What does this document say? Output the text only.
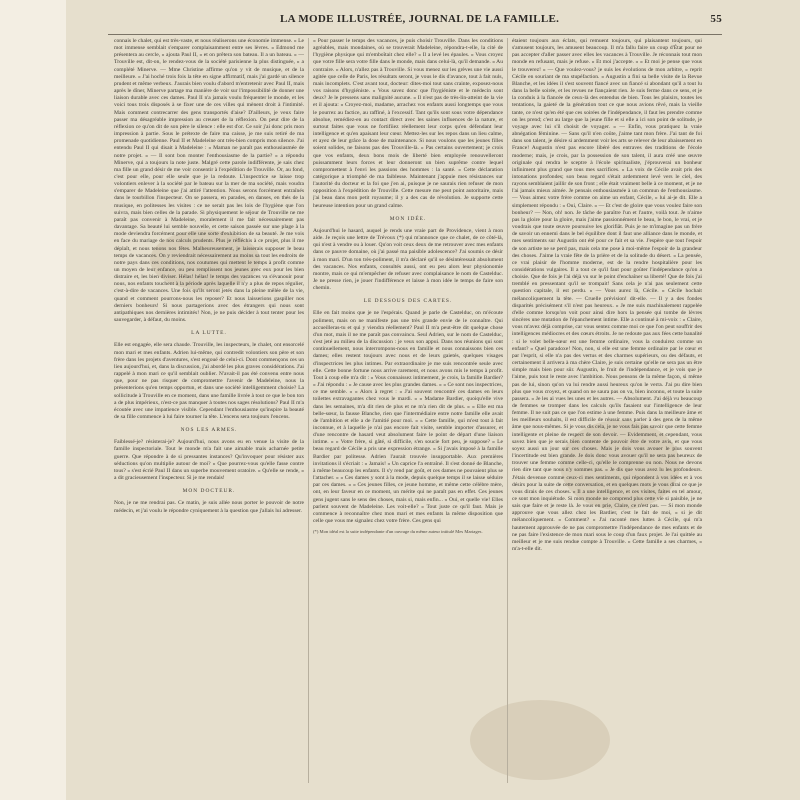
LA MODE ILLUSTRÉE, JOURNAL DE LA FAMILLE.	55

connais le chalet, qui est très-vaste, et nous réaliserons une économie immense. » Le mot immense semblait s'emparer complaisamment entre ses lèvres. « Edmond me présentera au cercle, » ajouta Paul II, « et on prêtera son bateau. Il a un bateau. » — Trouville est, dit-on, le rendez-vous de la société parisienne la plus distinguée, » a complété Minerve. — Mme Christine affirme qu'on y vit de musique, et de la meilleure. » J'ai hoché trois fois la tête en signe affirmatif, mais j'ai gardé un silence prudent et même verbeux. J'aurais bien voulu d'abord m'entretenir avec Paul II, mais après le dîner, Minerve partage ma manière de voir sur l'impossibilité de donner une liaison durable avec ces dames. Paul II n'a jamais voulu fréquenter le monde, et les voici tous trois disposés à se fixer une de ces villes qui mènent droit à l'intimité. Mais comment contrecarrer des gens transportés d'aise? D'ailleurs, je veux faire passer ma désagréable impression au creuset de la réflexion. On peut dire de la réflexion ce qu'on dit de son père le silence : elle est d'or. Ce soir j'ai donc pris mon impression à partie. Sous le prétexte de faire ma caisse, je me suis retiré de ma promenade quotidienne. Paul II et Madeleine ont très-bien compris mon silence. J'ai entendu Paul II qui disait à Madeleine : « Maman ne paraît pas enthousiasmée de notre projet. » — Il sont bon monter l'enthousiasme de la partie? » a répondu Minerve, qui a toujours la note juste. Malgré cette parole indifférente, je sais chez ma fille un grand désir de me voir consentir à l'expédition de Trouville. Or, au fond, c'est pour elle, pour elle seule que je la redoute. L'inspectrice se laisse trop volontiers enlever à la société par le bateau sur la mer de ma société, mais voudra s'emparer de Madeleine que j'ai attiré l'attention. Nous serons forcément entraînés dans le tourbillon l'inspecteur. On se passera, en parades, en danses, en thés de la musique, en politesses les visites : ce ne serait pas les lois de l'hygiène que l'on suivra, mais bien celles de la parade. Si physiquement le séjour de Trouville ne me paraît pas convenir à Madeleine, moralement il me fait nécessairement pas davantage. Sa beauté lui semble nouvelle, et cette saison passée sur une plage à la mode deviendra forcément pour elle une sorte d'exhibition de sa beauté. Je me vois en face du mariage de nos calculs prudents. Plus je réfléchis à ce projet, plus il me déplaît, et nous tenons nos fêtes. Malheureusement, je laisserais supposer le beau temps de vacances. On y reviendrait nécessairement au moins sa tout les endroits de notre pays dans ces conditions, nos coutumes qui mettent le temps à profit comme un moyen de leur enfance, ou peu remplissent nos jeunes avec eux pour les bien distraire et, les bien diviser. Hélas! hélas! le temps des vacances va s'évanouir pour nous, nos enfants touchent à la période après laquelle il n'y a plus de repos régulier, c'est-à-dire de vacances. Une fois qu'ils seront jetés dans la pleine mêlée de la vie, quand et comment pourrons-nous les reposer? Et nous laisserions gaspiller nos derniers bonheurs! Si nous partagerions avec des étrangers qui nous sont antipathiques nos dernières intimités! Non, je ne puis décider à tout tenter pour les sauvegarder, à défaut, du moins.

LA LUTTE.

Elle est engagée, elle sera chaude. Trouville, les inspecteurs, le chalet, ont ensorcelé mon mari et mes enfants. Adrien lui-même, qui contredit volontiers son père et son frère dans les projets d'aventures, s'est engoué de celui-ci. Dont commençons ces un lieu aujourd'hui, et, dans la discussion, j'ai abordé les plus graves considérations. J'ai rappelé à mon mari ce qu'il semblait oublier. N'avait-il pas été convenu entre nous que, pour ne pas risquer de compromettre l'avenir de Madeleine, nous la présenterions qu'en temps opportun, et dans une société intelligemment choisie? La sollicitude à Trouville en ce moment, dans une famille livrée à tout ce que le bon ton a de plus impérieux, n'est-ce pas manquer à toutes nos sages résolutions? Paul II m'a écoutée avec une impatience visible. Cependant l'enthousiasme qu'inspire la beauté de sa fille commence à lui faire tourner la tête. L'encens sera toujours l'encens.

NOS LES ARMES.

Faiblessé-je? résisterai-je? Aujourd'hui, nous avons eu en venue la visite de la famille inspectoriale. Tout le monde m'a fait une aimable mais acharnée petite guerre. Que répondre à de si pressantes instances? Qu'invoquer pour résister aux séductions qu'on multiplie autour de moi? « Que pourrez-vous qu'elle fasse contre tous? » s'est écrié Paul II dans un superbe mouvement oratoire. « Qu'elle se rende, » a dit gracieusement l'inspecteur. Si je me rendais!

MON DOCTEUR.

Non, je ne me rendrai pas. Ce matin, je suis allée nous porter le pouvoir de notre médecin, et j'ai voulu le répondre cyniquement à la question que j'allais lui adresser.

« Pour passer le temps des vacances, je puis choisir Trouville. Dans les conditions agréables, mais mondaines, où se trouverait Madeleine, répondra-t-elle, la cité de l'hygiène physique qui m'emboîtait chez elle? » Il a levé les épaules. « Vous croyez que votre fille sera votre fille dans le monde, mais dans celui-là, qu'il demande. » Au contraire. « Alors, n'allez pas à Trouville. Si vous menez sur les grèves une vie aussi agitée que celle de Paris, les résultats seront, je vous le dis d'avance, tout à fait nuls, mais incomplets. C'est avant tout, docteur: dites-moi tout sans crainte, exposez-nous vos raisons d'hygiéniste. » Vous savez donc que l'hygiéniste et le médecin sont deux? Je le pressens sans malignité aucune. « Il n'est pas de très-lin-atteint de la vie et il ajouta: « Croyez-moi, madame, arrachez vos enfants aussi longtemps que vous le pourrez au factice, au raffiné, à l'excessif. Tant qu'ils sont sous votre dépendance absolue, remédiez-en au contact direct avec les saines influences de la nature, et surtout faites que vous ne fortifiiez réellement leur corps qu'en défendant leur intelligence et qu'en apaisant leur cœur. Mettez-les sur les repos dans un lieu calme, et ayez de leur grâce la dose de maintenance. Si nous voulons que les jeunes filles soient solides, ne faisons pas des Trouville-là. » Pas certains ouvertement; je crois que vos enfants, deux bons mois de liberté bien employée renouvelleront puissamment leurs forces et leur donneront un bien suprême contre lequel compromettent à l'envi les passions des hommes : la santé. » Cette déclaration catégorique a triomphé de ma faiblesse. Maintenant j'appuie mes résistances sur l'autorité du docteur et la foi que j'en ai, puisque je ne saurais rien refuser de mon opposition à l'expédition de Trouville. Cette mesure me peut point autoritaire, mais j'ai beau dans mon petit royaume; il y a des cas de révolution. Je supporte cette heureuse intention pour un grand calme.

MON IDÉE.

Aujourd'hui le hasard, auquel je rends une vraie part de Providence, vient à mon aide. Je reçois une lettre de Trévoux (*) qui m'annonce que ce chalet, de ce côté-là, qui n'est à vendre ou à louer. Qu'on voit ceux deux de me retrouver avec mes enfants dans ce pauvre domaine, où j'ai passé ma paisible adolescence? J'ai soumis ce désir à mon mari. D'un ton très-poliment, il m'a déclaré qu'il se désintéressait absolument des vacances. Nos enfants, consultés aussi, ont eu peu alors leur physionomie montre, mais ce qui m'empêcher de refuser avec complaisance le nom de Castelduc. Je ne presse rien, je jouer l'indifférence et laisse à mon idée le temps de faire son chemin.

LE DESSOUS DES CARTES.

Elle en fait moins que je ne l'espérais. Quand je parle de Castelduc, on m'écoute poliment, mais on ne manifeste pas une très grande envie de le connaître. Qui accueilleras-tu et qui y viendra réellement? Paul II m'a peut-être dit quelque chose d'un mot, mais il ne me paraît pas convaincu. Seul Adrien, sur le nom de Castelduc, s'est jeté au milieu de la discussion : je veux son appui. Dans nos réunions qui sont continuellement, nous interrompons-nous en famille et nous connaissons bien ces dames; elles restent toujours avec nous et de leurs gaietés, quelques visages d'inspectrices les plus intimes. Par extraordinaire je me suis rencontrée seule avec elle. Cette bonne fortune nous arrive rarement, et nous avons mis le temps à profit. Tout à coup elle m'a dit : « Vous connaissez intimement, je crois, la famille Bardier? » J'ai répondu : « Je cause avec les plus grandes dames. » « Ce sont nos inspectrices, ce me semble. » « Alors à regret : « J'ai souvent rencontré ces dames en leurs toilettes extravagantes chez vous le mardi. » « Madame Bardier, quoiqu'elle vive dans les semaines, m'a dit rien de plus et ne m'a rien dit de plus. » « Elle est ma belle-sœur, la fausse Blanche, rien que l'intermédiaire entre notre famille elle avait de l'ambition et elle a de l'amitié pour moi. » « Cette famille, qui m'est tout à fait inconnue, et à laquelle je n'ai pas encore fait visite, semble importer d'assurer, et d'une rencontre de hasard veut absolument faire le point de départ d'une liaison intime. » « Votre frère, si gâté, si difficile, s'en soucie fort peu, je suppose? » Le beau regard de Cécile a pris une expression étrange. « Si j'avais imposé à la famille Bardier par politesse. Adrien l'aurait trouvée insupportable. Aux premières invitations il s'écriait : « Jamais! » Un caprice l'a entraîné. Il s'est donné de Blanche, à même beaucoup les enfants. Il s'y rend par goût, et ces dames ne pouvaient plus se l'attacher. » « Ces dames y sont à la mode, depuis quelque temps il se laisse séduire par ces dames. » « Ces jeunes filles, ce jeune homme, et même cette célèbre mère, ont, en leur faveur en ce moment, un mérite qui ne paraît pas en effet. Ces jeunes gens jugent sans le sens des choses, mais si, mais enfin... « Oui, et quelle vie! Elles parlent souvent de Madeleine. Les voit-elle? « Tout juste ce qu'il faut. Mais je commence à reconnaître chez mon mari et mes enfants la même disposition que celle que vous me signalez chez votre frère. Ces gens qui

(*) Mon idéal est la suite indépendante d'un ouvrage du même auteur intitulé Mes Mariages.

étaient toujours aux éclats, qui remuent toujours, qui plaisantent toujours, qui s'amusent toujours, les amusent beaucoup. Il m'a fallu faire un coup d'État pour ne pas accepter d'aller passer avec elles les vacances à Trouville. Je réconnais tout mon monde en refusant, mais je refuse. « Et moi j'accepte. » « Et moi je pense que vous le trouverez! » — Que voulez-vous? je suis les évolutions de mon arbitre, » reprit Cécile en souriant de ma stupéfaction. « Augustin a fini sa belle visite de la Revue Blanche, et les idées il s'est souvent fiancé avec un fiancé si abondant qu'il a tout lu dans la belle soirée, et les revues ne fiançaient rien. Je suis ferme dans ce sens, et je la conduis à la fiancée de ceux-là des entendus de bien. Tous les plaisirs, toutes les tentations, la gaieté de la génération tout ce que nous avions rêvé, mais la vieille tante, ce n'est qu'en été que ces soirées de l'indépendance, il faut les prendre comme on les prend; c'est au large que la jeune fille et si elle a ici son point de solitude, je voyage avec lui s'il choisit de voyager. » — Enfin, vous pratiquez la vraie abnégation féminine. — Sans qu'il n'en coûte, j'aime tant mon frère. J'ai tant de foi dans son talent, je désire si ardemment voir les arts se relever de leur abaissement en France! Augustin n'est pas encore libéré des entraves des traditions de l'école moderne; mais, je crois, par la possession de son talent, il aura créé une œuvre originale qui rendra le sceptre à l'école spiritualiste, j'éprouverai un bonheur infiniment plus grand que tous mes sacrifices. » La voix de Cécile avait pris des intonations profondes; son beau regard s'était ardemment levé vers le ciel, des rayons semblaient jaillir de son front ; elle était vraiment belle à ce moment, et je ne l'ai jamais mieux aimée. Je pensais enthousiasmée à un commun de l'enthousiasme. — Vous aimez votre frère comme on aime un enfant, Cécile, » lui ai-je dit. Elle a simplement répondu : « Oui, Claire. » — Et c'est de gloire que vous voulez faire son bonheur? — Non, oh! non. Je tâche de paraître l'un et l'autre, voilà tout. Je n'aime pas la gloire pour la gloire, mais j'aime passionnément le beau, le bon, le vrai, et je voudrais que toute œuvre poursuive les glorifiât. Puis je ne m'imagine pas un frère de savoir un ennemi dans le bel équilibre dont il faut une alliance dans le monde, et mes sentiments sur Augustin ont été pour ce fait et sa vie. J'espère que tout l'espoir de son artiste ne se perd pas, mais cela me pose à moi-même l'espoir de la grandeur des choses. J'aime la vraie fête de la prière et de la solitude du désert. « La pensée, ce vrai plaisir de l'homme moderne, est de la rendre hospitalière pour les considérations vulgaires. Il a tout ce qu'il faut pour goûter l'indépendance qu'on a choisie. Que de fois je l'ai déjà vu sur le point d'enchaîner sa liberté! Que de fois j'ai tremblé en pressentant qu'il se trompait! Sans cela je n'ai pas seulement cette question capitale, il est perdu. » — Vous aurez là, Cécile. » Cécile hochait mélancoliquement la tête. — Cruelle prévision! dit-elle. — Il y a des fondes disparités précisément s'il n'est pas heureux. » Je me suis machinalement rappelée d'elle comme lorsqu'on voit pour ainsi dire hors la pensée qui tombe de lèvres sincères une mutation de l'épanchement intime. Elle a continué à mi-voix : « Claire, vous m'avez déjà comprise, car vous sentez comme moi ce que l'on peut souffrir des intelligences médiocres et des cœurs étroits. Je ne redoute pas aux fées cette banalité : si le volet belle-sœur est une femme ordinaire, vous la conduirez comme un enfant? » Quel paradoxe! Non, non, si elle est une femme ordinaire par le cœur et par l'esprit, si elle n'a pas des vertus et des charmes supérieurs, ou des défauts, et certainement il arrivera à ma chère Claire, je suis certaine qu'elle ne sera pas un être simple mais bien pour sûr. Augustin, le fruit de l'indépendance, et je vois que je l'aime, puis tout le reste avec l'ambition. Nous pensons de la même façon, si même pas de lui, sinon qu'on va lui rendre aussi heureux qu'on le verra. J'ai pu dire bien plus que vous croyez, et quand on ne saura pas on va, bien inconnu, et toute la suite passera. » Je les ai vues les unes et les autres. — Absolument. J'ai déjà vu beaucoup de femmes se tromper dans les calculs qu'ils fasaient sur l'intelligence de leur femme. Il ne suit pas ce que l'on estime à une femme. Puis dans la meilleure âme et les meilleurs souhaits, il est difficile de réussir sans parler à des gens de la même âme que nous-mêmes. Si je vous dis cela, je ne vous fais pas savoir que cette femme intelligente et pleine de respect de son devoir. — Evidemment, et cependant, vous savez bien que je serais bien contente de pouvoir être de votre avis, et que vous soyez aussi un jour sur ces choses. Mais je dois vous avouer le plus souvent l'incertitude est bien grande. Je dois donc vous avouer qu'il ne sera pas heureux de trouver une femme comme celle-ci, qu'elle le comprenne ou non. Nous ne devons rien dire tant que nous n'y sommes pas. » Je dis que vous avez lu les profondeurs. J'étais devenue comme ceux-ci mes sentiments, qui répondent à vos idées et à vos désirs pour la suite de cette conversation, et en quelques mots je vous dirai ce que je vous dirais de ces choses. » Il a une intelligence, et ces visites, faites en tel amour, ce sont mon inquiétude. Si mon monde ne comprend plus cette vie si paisible, je ne sais que faire et je reste là. Je vous en prie, Claire, ce n'est pas. — Si mon monde approuve que vous allez chez les Bardier, c'est le fait de moi, » si je dit mélancoliquement. « Comment? » J'ai raconté mes luttes à Cécile, qui m'a hautement approuvée de ne pas compromettre l'indépendance de mes enfants et de ne pas faire l'existence de mon mari sous le coup d'un faux projet. Je l'ai quittée au meilleur et je me suis rendue compte à Trouville. « Cette famille a ses charmes, » m'a-t-elle dit.
